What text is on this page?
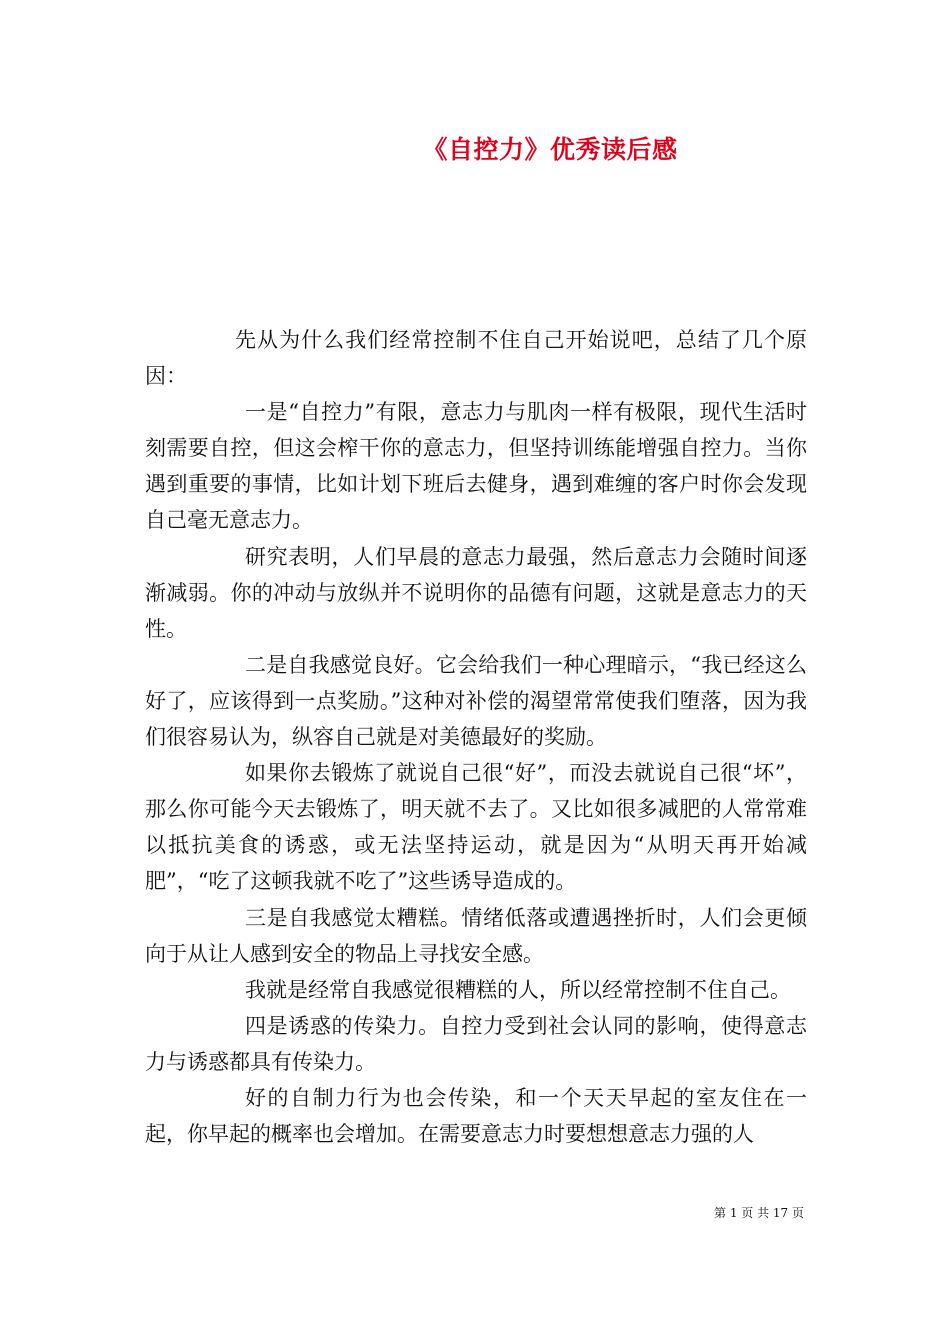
《自控力》优秀读后感

先从为什么我们经常控制不住自己开始说吧，总结了几个原因：

一是“自控力”有限，意志力与肌肉一样有极限，现代生活时刻需要自控，但这会榨干你的意志力，但坚持训练能增强自控力。当你遇到重要的事情，比如计划下班后去健身，遇到难缠的客户时你会发现自己毫无意志力。

研究表明，人们早晨的意志力最强，然后意志力会随时间逐渐减弱。你的冲动与放纵并不说明你的品德有问题，这就是意志力的天性。

二是自我感觉良好。它会给我们一种心理暗示，“我已经这么好了，应该得到一点奖励。”这种对补偿的渴望常常使我们堕落，因为我们很容易认为，纵容自己就是对美德最好的奖励。

如果你去锻炼了就说自己很“好”，而没去就说自己很“坏”，那么你可能今天去锻炼了，明天就不去了。又比如很多减肥的人常常难以抵抗美食的诱惑，或无法坚持运动，就是因为“从明天再开始减肥”，“吃了这顿我就不吃了”这些诱导造成的。

三是自我感觉太糟糕。情绪低落或遭遇挫折时，人们会更倾向于从让人感到安全的物品上寻找安全感。

我就是经常自我感觉很糟糕的人，所以经常控制不住自己。

四是诱惑的传染力。自控力受到社会认同的影响，使得意志力与诱惑都具有传染力。

好的自制力行为也会传染，和一个天天早起的室友住在一起，你早起的概率也会增加。在需要意志力时要想想意志力强的人

第 1 页 共 17 页
